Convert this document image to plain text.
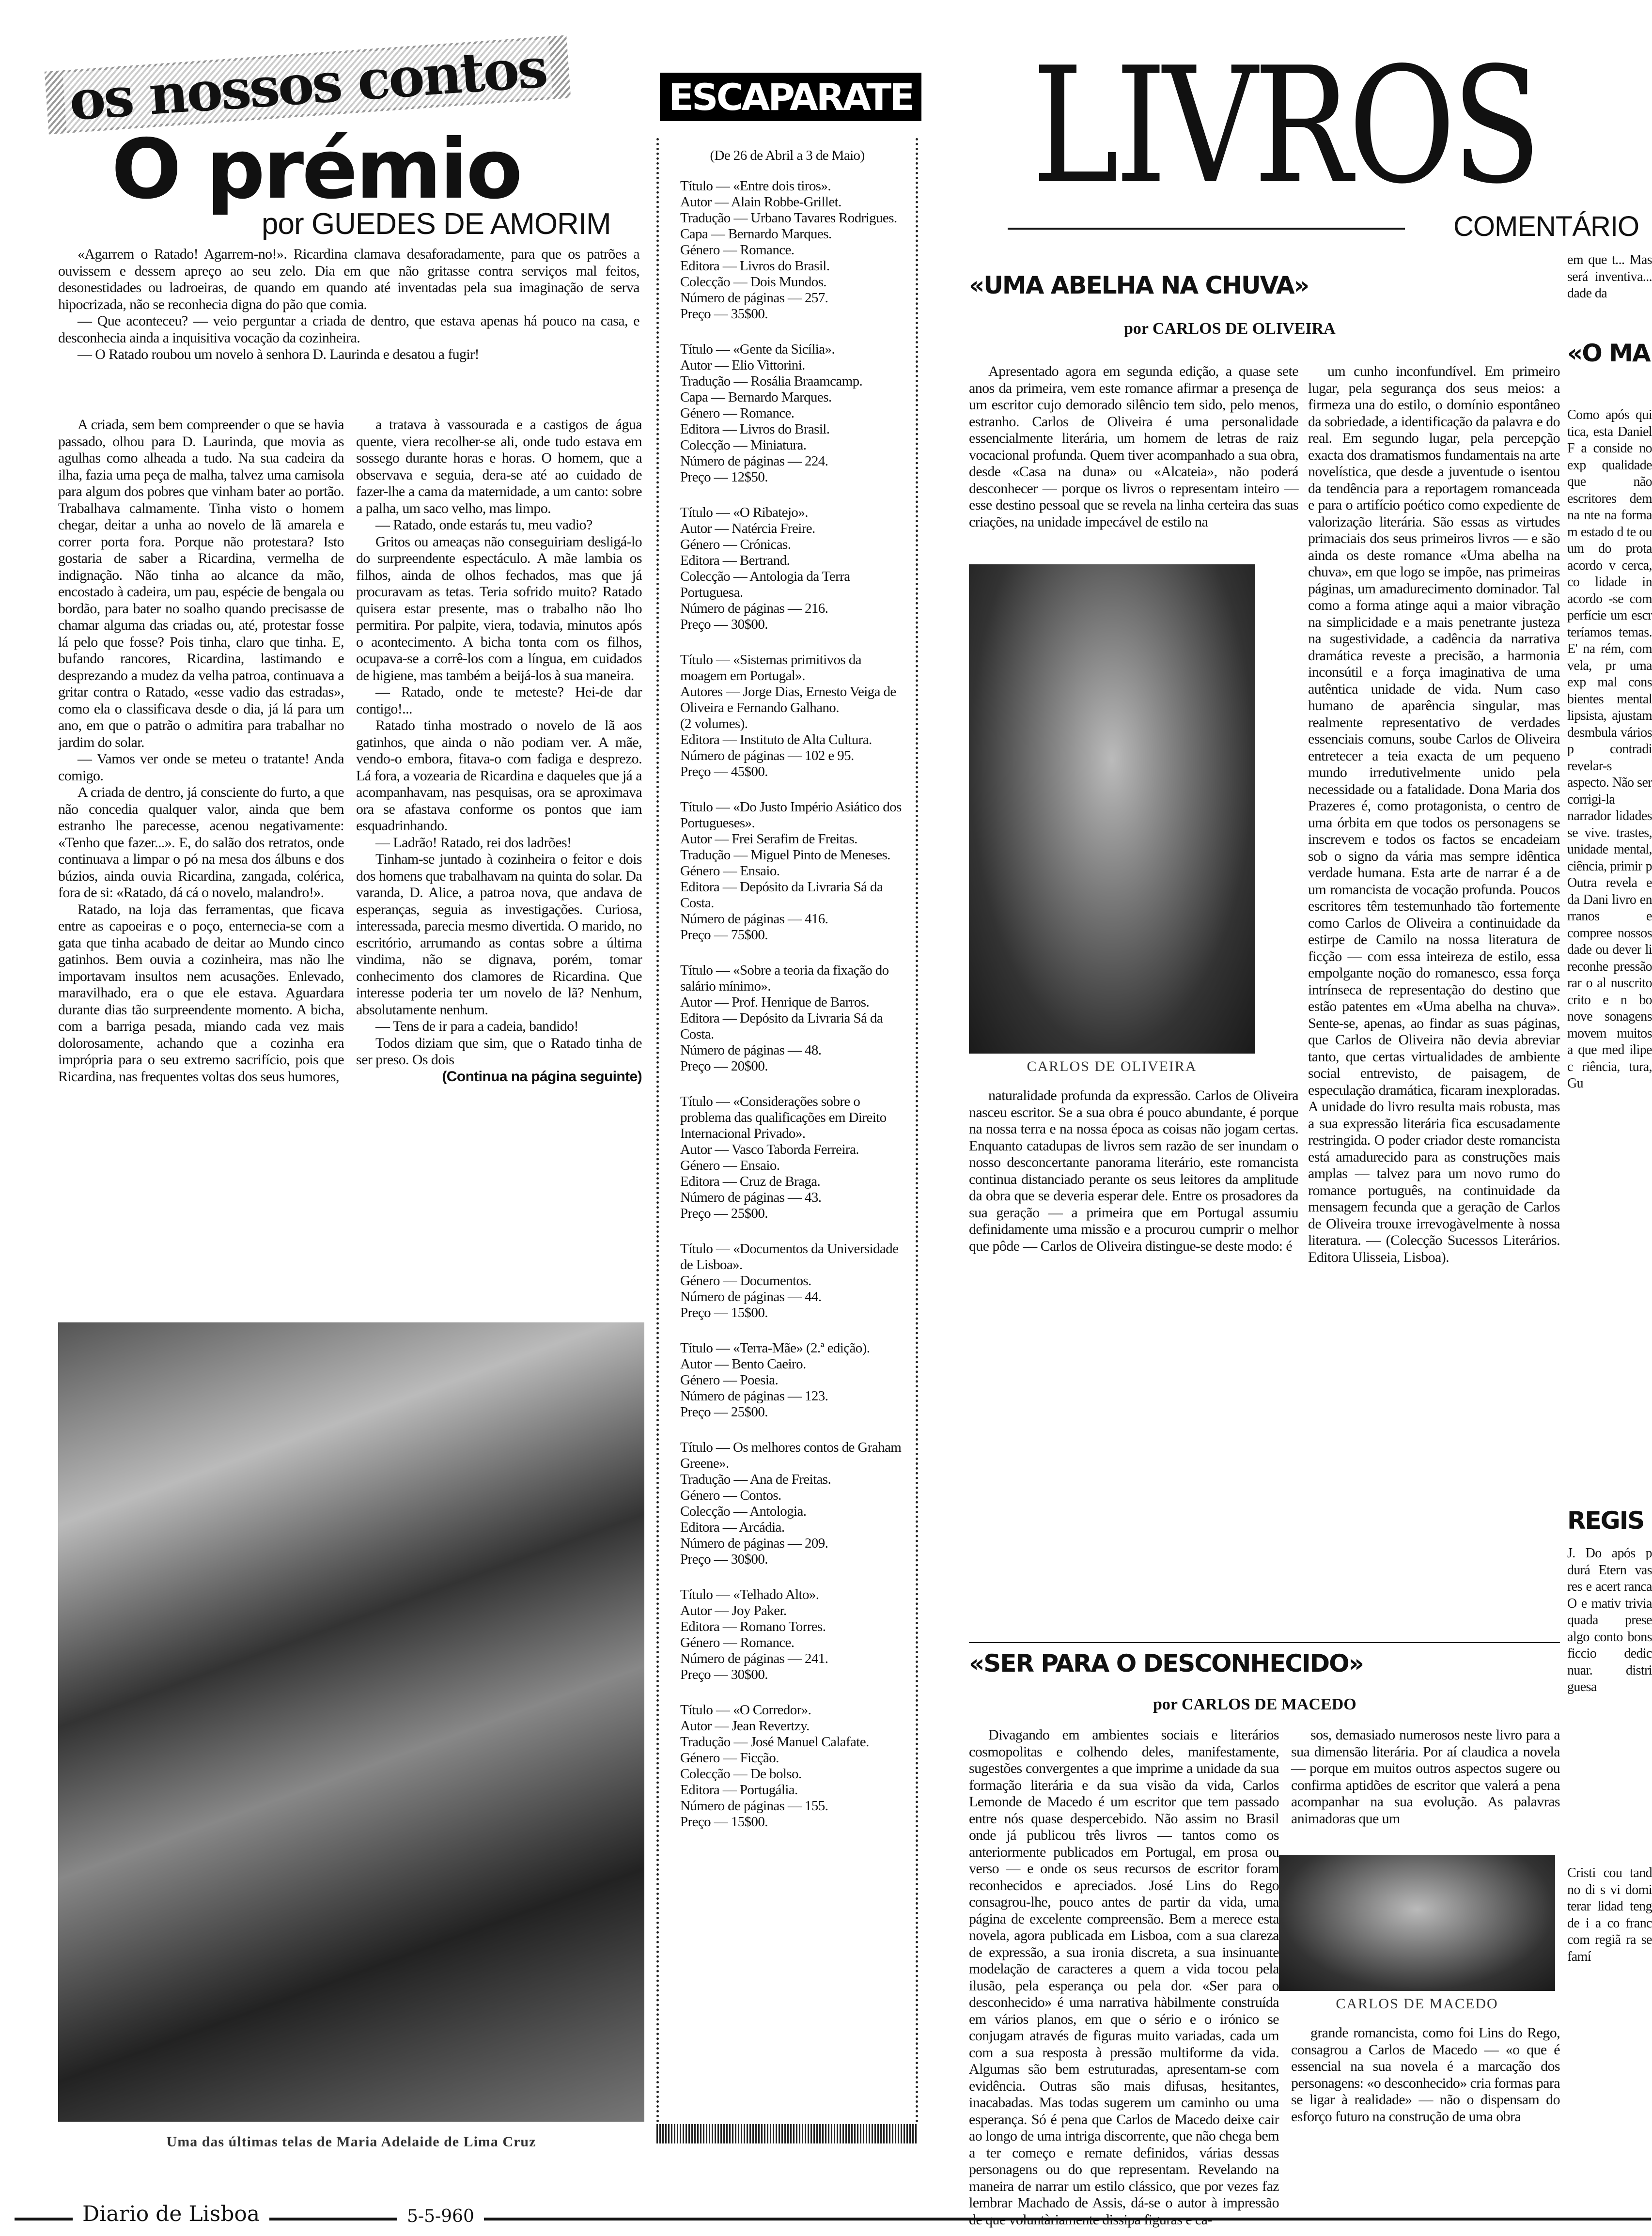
os nossos contos
O prémio
por GUEDES DE AMORIM

«Agarrem o Ratado! Agarrem-no!». Ricardina clamava desaforadamente, para que os patrões a ouvissem e dessem apreço ao seu zelo. Dia em que não gritasse contra serviços mal feitos, desonestidades ou ladroeiras, de quando em quando até inventadas pela sua imaginação de serva hipocrizada, não se reconhecia digna do pão que comia.

— Que aconteceu? — veio perguntar a criada de dentro, que estava apenas há pouco na casa, e desconhecia ainda a inquisitiva vocação da cozinheira.

— O Ratado roubou um novelo à senhora D. Laurinda e desatou a fugir!

A criada, sem bem compreender o que se havia passado, olhou para D. Laurinda, que movia as agulhas como alheada a tudo. Na sua cadeira da ilha, fazia uma peça de malha, talvez uma camisola para algum dos pobres que vinham bater ao portão. Trabalhava calmamente. Tinha visto o homem chegar, deitar a unha ao novelo de lã amarela e correr porta fora. Porque não protestara? Isto gostaria de saber a Ricardina, vermelha de indignação. Não tinha ao alcance da mão, encostado à cadeira, um pau, espécie de bengala ou bordão, para bater no soalho quando precisasse de chamar alguma das criadas ou, até, protestar fosse lá pelo que fosse? Pois tinha, claro que tinha. E, bufando rancores, Ricardina, lastimando e desprezando a mudez da velha patroa, continuava a gritar contra o Ratado, «esse vadio das estradas», como ela o classificava desde o dia, já lá para um ano, em que o patrão o admitira para trabalhar no jardim do solar.

— Vamos ver onde se meteu o tratante! Anda comigo.

A criada de dentro, já consciente do furto, a que não concedia qualquer valor, ainda que bem estranho lhe parecesse, acenou negativamente: «Tenho que fazer...». E, do salão dos retratos, onde continuava a limpar o pó na mesa dos álbuns e dos búzios, ainda ouvia Ricardina, zangada, colérica, fora de si: «Ratado, dá cá o novelo, malandro!».

Ratado, na loja das ferramentas, que ficava entre as capoeiras e o poço, enternecia-se com a gata que tinha acabado de deitar ao Mundo cinco gatinhos. Bem ouvia a cozinheira, mas não lhe importavam insultos nem acusações. Enlevado, maravilhado, era o que ele estava. Aguardara durante dias tão surpreendente momento. A bicha, com a barriga pesada, miando cada vez mais dolorosamente, achando que a cozinha era imprópria para o seu extremo sacrifício, pois que Ricardina, nas frequentes voltas dos seus humores,

a tratava à vassourada e a castigos de água quente, viera recolher-se ali, onde tudo estava em sossego durante horas e horas. O homem, que a observava e seguia, dera-se até ao cuidado de fazer-lhe a cama da maternidade, a um canto: sobre a palha, um saco velho, mas limpo.

— Ratado, onde estarás tu, meu vadio?

Gritos ou ameaças não conseguiriam desligá-lo do surpreendente espectáculo. A mãe lambia os filhos, ainda de olhos fechados, mas que já procuravam as tetas. Teria sofrido muito? Ratado quisera estar presente, mas o trabalho não lho permitira. Por palpite, viera, todavia, minutos após o acontecimento. A bicha tonta com os filhos, ocupava-se a corrê-los com a língua, em cuidados de higiene, mas também a beijá-los à sua maneira.

— Ratado, onde te meteste? Hei-de dar contigo!...

Ratado tinha mostrado o novelo de lã aos gatinhos, que ainda o não podiam ver. A mãe, vendo-o embora, fitava-o com fadiga e desprezo. Lá fora, a vozearia de Ricardina e daqueles que já a acompanhavam, nas pesquisas, ora se aproximava ora se afastava conforme os pontos que iam esquadrinhando.

— Ladrão! Ratado, rei dos ladrões!

Tinham-se juntado à cozinheira o feitor e dois dos homens que trabalhavam na quinta do solar. Da varanda, D. Alice, a patroa nova, que andava de esperanças, seguia as investigações. Curiosa, interessada, parecia mesmo divertida. O marido, no escritório, arrumando as contas sobre a última vindima, não se dignava, porém, tomar conhecimento dos clamores de Ricardina. Que interesse poderia ter um novelo de lã? Nenhum, absolutamente nenhum.

— Tens de ir para a cadeia, bandido!

Todos diziam que sim, que o Ratado tinha de ser preso. Os dois

(Continua na página seguinte)

Uma das últimas telas de Maria Adelaide de Lima Cruz
ESCAPARATE
(De 26 de Abril a 3 de Maio)
Título — «Entre dois tiros».
Autor — Alain Robbe-Grillet.
Tradução — Urbano Tavares Rodrigues.
Capa — Bernardo Marques.
Género — Romance.
Editora — Livros do Brasil.
Colecção — Dois Mundos.
Número de páginas — 257.
Preço — 35$00.
Título — «Gente da Sicília».
Autor — Elio Vittorini.
Tradução — Rosália Braamcamp.
Capa — Bernardo Marques.
Género — Romance.
Editora — Livros do Brasil.
Colecção — Miniatura.
Número de páginas — 224.
Preço — 12$50.
Título — «O Ribatejo».
Autor — Natércia Freire.
Género — Crónicas.
Editora — Bertrand.
Colecção — Antologia da Terra Portuguesa.
Número de páginas — 216.
Preço — 30$00.
Título — «Sistemas primitivos da moagem em Portugal».
Autores — Jorge Dias, Ernesto Veiga de Oliveira e Fernando Galhano.
(2 volumes).
Editora — Instituto de Alta Cultura.
Número de páginas — 102 e 95.
Preço — 45$00.
Título — «Do Justo Império Asiático dos Portugueses».
Autor — Frei Serafim de Freitas.
Tradução — Miguel Pinto de Meneses.
Género — Ensaio.
Editora — Depósito da Livraria Sá da Costa.
Número de páginas — 416.
Preço — 75$00.
Título — «Sobre a teoria da fixação do salário mínimo».
Autor — Prof. Henrique de Barros.
Editora — Depósito da Livraria Sá da Costa.
Número de páginas — 48.
Preço — 20$00.
Título — «Considerações sobre o problema das qualificações em Direito Internacional Privado».
Autor — Vasco Taborda Ferreira.
Género — Ensaio.
Editora — Cruz de Braga.
Número de páginas — 43.
Preço — 25$00.
Título — «Documentos da Universidade de Lisboa».
Género — Documentos.
Número de páginas — 44.
Preço — 15$00.
Título — «Terra-Mãe» (2.ª edição).
Autor — Bento Caeiro.
Género — Poesia.
Número de páginas — 123.
Preço — 25$00.
Título — Os melhores contos de Graham Greene».
Tradução — Ana de Freitas.
Género — Contos.
Colecção — Antologia.
Editora — Arcádia.
Número de páginas — 209.
Preço — 30$00.
Título — «Telhado Alto».
Autor — Joy Paker.
Editora — Romano Torres.
Género — Romance.
Número de páginas — 241.
Preço — 30$00.
Título — «O Corredor».
Autor — Jean Revertzy.
Tradução — José Manuel Calafate.
Género — Ficção.
Colecção — De bolso.
Editora — Portugália.
Número de páginas — 155.
Preço — 15$00.
LIVROS
COMENTÁRIO
«UMA ABELHA NA CHUVA»
por CARLOS DE OLIVEIRA

Apresentado agora em segunda edição, a quase sete anos da primeira, vem este romance afirmar a presença de um escritor cujo demorado silêncio tem sido, pelo menos, estranho. Carlos de Oliveira é uma personalidade essencialmente literária, um homem de letras de raiz vocacional profunda. Quem tiver acompanhado a sua obra, desde «Casa na duna» ou «Alcateia», não poderá desconhecer — porque os livros o representam inteiro — esse destino pessoal que se revela na linha certeira das suas criações, na unidade impecável de estilo na

CARLOS DE OLIVEIRA

naturalidade profunda da expressão. Carlos de Oliveira nasceu escritor. Se a sua obra é pouco abundante, é porque na nossa terra e na nossa época as coisas não jogam certas. Enquanto catadupas de livros sem razão de ser inundam o nosso desconcertante panorama literário, este romancista continua distanciado perante os seus leitores da amplitude da obra que se deveria esperar dele. Entre os prosadores da sua geração — a primeira que em Portugal assumiu definidamente uma missão e a procurou cumprir o melhor que pôde — Carlos de Oliveira distingue-se deste modo: é

um cunho inconfundível. Em primeiro lugar, pela segurança dos seus meios: a firmeza una do estilo, o domínio espontâneo da sobriedade, a identificação da palavra e do real. Em segundo lugar, pela percepção exacta dos dramatismos fundamentais na arte novelística, que desde a juventude o isentou da tendência para a reportagem romanceada e para o artifício poético como expediente de valorização literária. São essas as virtudes primaciais dos seus primeiros livros — e são ainda os deste romance «Uma abelha na chuva», em que logo se impõe, nas primeiras páginas, um amadurecimento dominador. Tal como a forma atinge aqui a maior vibração na simplicidade e a mais penetrante justeza na sugestividade, a cadência da narrativa dramática reveste a precisão, a harmonia inconsútil e a força imaginativa de uma autêntica unidade de vida. Num caso humano de aparência singular, mas realmente representativo de verdades essenciais comuns, soube Carlos de Oliveira entretecer a teia exacta de um pequeno mundo irredutivelmente unido pela necessidade ou a fatalidade. Dona Maria dos Prazeres é, como protagonista, o centro de uma órbita em que todos os personagens se inscrevem e todos os factos se encadeiam sob o signo da vária mas sempre idêntica verdade humana. Esta arte de narrar é a de um romancista de vocação profunda. Poucos escritores têm testemunhado tão fortemente como Carlos de Oliveira a continuidade da estirpe de Camilo na nossa literatura de ficção — com essa inteireza de estilo, essa empolgante noção do romanesco, essa força intrínseca de representação do destino que estão patentes em «Uma abelha na chuva». Sente-se, apenas, ao findar as suas páginas, que Carlos de Oliveira não devia abreviar tanto, que certas virtualidades de ambiente social entrevisto, de paisagem, de especulação dramática, ficaram inexploradas. A unidade do livro resulta mais robusta, mas a sua expressão literária fica escusadamente restringida. O poder criador deste romancista está amadurecido para as construções mais amplas — talvez para um novo rumo do romance português, na continuidade da mensagem fecunda que a geração de Carlos de Oliveira trouxe irrevogàvelmente à nossa literatura. — (Colecção Sucessos Literários. Editora Ulisseia, Lisboa).

«SER PARA O DESCONHECIDO»
por CARLOS DE MACEDO

Divagando em ambientes sociais e literários cosmopolitas e colhendo deles, manifestamente, sugestões convergentes a que imprime a unidade da sua formação literária e da sua visão da vida, Carlos Lemonde de Macedo é um escritor que tem passado entre nós quase despercebido. Não assim no Brasil onde já publicou três livros — tantos como os anteriormente publicados em Portugal, em prosa ou verso — e onde os seus recursos de escritor foram reconhecidos e apreciados. José Lins do Rego consagrou-lhe, pouco antes de partir da vida, uma página de excelente compreensão. Bem a merece esta novela, agora publicada em Lisboa, com a sua clareza de expressão, a sua ironia discreta, a sua insinuante modelação de caracteres a quem a vida tocou pela ilusão, pela esperança ou pela dor. «Ser para o desconhecido» é uma narrativa hàbilmente construída em vários planos, em que o sério e o irónico se conjugam através de figuras muito variadas, cada um com a sua resposta à pressão multiforme da vida. Algumas são bem estruturadas, apresentam-se com evidência. Outras são mais difusas, hesitantes, inacabadas. Mas todas sugerem um caminho ou uma esperança. Só é pena que Carlos de Macedo deixe cair ao longo de uma intriga discorrente, que não chega bem a ter começo e remate definidos, várias dessas personagens ou do que representam. Revelando na maneira de narrar um estilo clássico, que por vezes faz lembrar Machado de Assis, dá-se o autor à impressão

sos, demasiado numerosos neste livro para a sua dimensão literária. Por aí claudica a novela — porque em muitos outros aspectos sugere ou confirma aptidões de escritor que valerá a pena acompanhar na sua evolução. As palavras animadoras que um

CARLOS DE MACEDO

grande romancista, como foi Lins do Rego, consagrou a Carlos de Macedo — «o que é essencial na sua novela é a marcação dos personagens: «o desconhecido» cria formas para se ligar à realidade» — não o dispensam do esforço futuro na construção de uma obra

em que t... Mas será inventiva... dade da
«O MA
Como após qui tica, esta Daniel F a conside no exp qualidade que não escritores dem na nte na forma m estado d te ou um do prota acordo v cerca, co lidade in acordo -se com perfície um escr teríamos temas. E' na rém, com vela, pr uma exp mal cons bientes mental lipsista, ajustam desmbula vários p contradi revelar-s aspecto. Não ser corrigi-la narrador lidades se vive. trastes, unidade mental, ciência, primir p Outra revela e da Dani livro en rranos e compree nossos dade ou dever li reconhe pressão rar o al nuscrito crito e n bo nove sonagens movem muitos a que med ilipe c riência, tura, Gu
REGIS
J. Do após p durá Etern vas res e acert ranca O e mativ trivia quada prese algo conto bons ficcio dedic nuar. distri guesa
Cristi cou tand no di s vi domi terar lidad teng de i a co franc com regiã ra se famí
Diario de Lisboa	5-5-960
